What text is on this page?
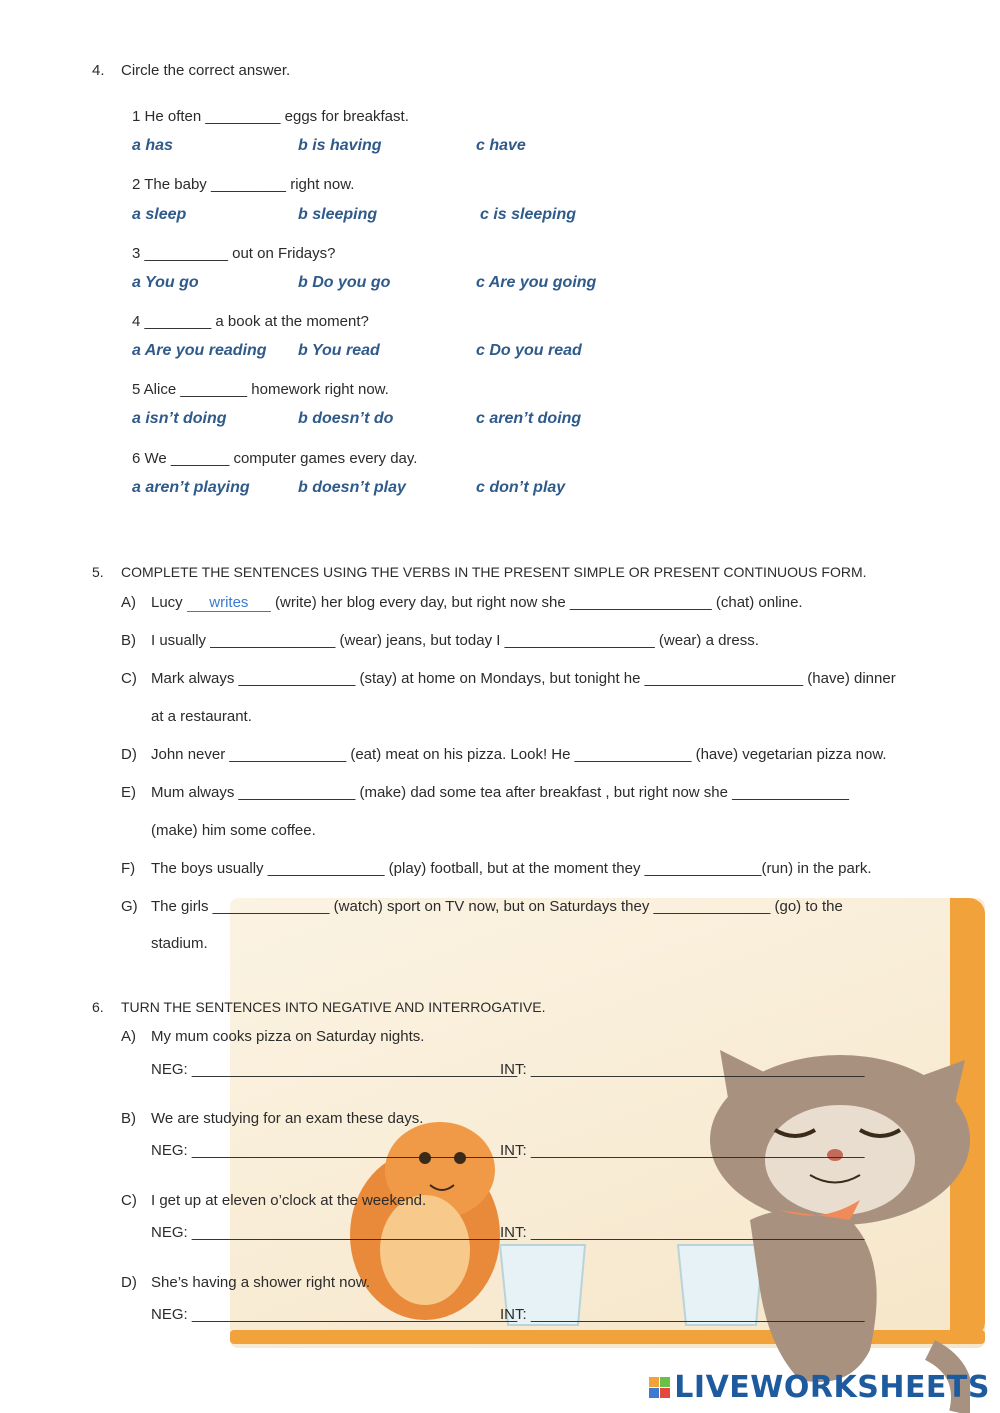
4. Circle the correct answer.
1 He often _________ eggs for breakfast.
a has	b is having	c have
2 The baby _________ right now.
a sleep	b sleeping	c is sleeping
3 __________ out on Fridays?
a You go	b Do you go	c Are you going
4 ________ a book at the moment?
a Are you reading b You read	c Do you read
5 Alice ________ homework right now.
a isn’t doing	b doesn’t do	c aren’t doing
6 We _______ computer games every day.
a aren’t playing	b doesn’t play	c don’t play
5. COMPLETE THE SENTENCES USING THE VERBS IN THE PRESENT SIMPLE OR PRESENT CONTINUOUS FORM.
A) Lucy writes (write) her blog every day, but right now she _________________ (chat) online.
B) I usually _______________ (wear) jeans, but today I __________________ (wear) a dress.
C) Mark always ______________ (stay) at home on Mondays, but tonight he ___________________ (have) dinner
at a restaurant.
D) John never ______________ (eat) meat on his pizza. Look! He ______________ (have) vegetarian pizza now.
E) Mum always ______________ (make) dad some tea after breakfast , but right now she ______________
(make) him some coffee.
F) The boys usually ______________ (play) football, but at the moment they ______________(run) in the park.
G) The girls ______________ (watch) sport on TV now, but on Saturdays they ______________ (go) to the
stadium.
6. TURN THE SENTENCES INTO NEGATIVE AND INTERROGATIVE.
A) My mum cooks pizza on Saturday nights.
NEG: _______________________________________
INT: ________________________________________
B) We are studying for an exam these days.
NEG: _______________________________________
INT: ________________________________________
C) I get up at eleven o’clock at the weekend.
NEG: _______________________________________
INT: ________________________________________
D) She’s having a shower right now.
NEG: _______________________________________
INT: ________________________________________
LIVEWORKSHEETS
